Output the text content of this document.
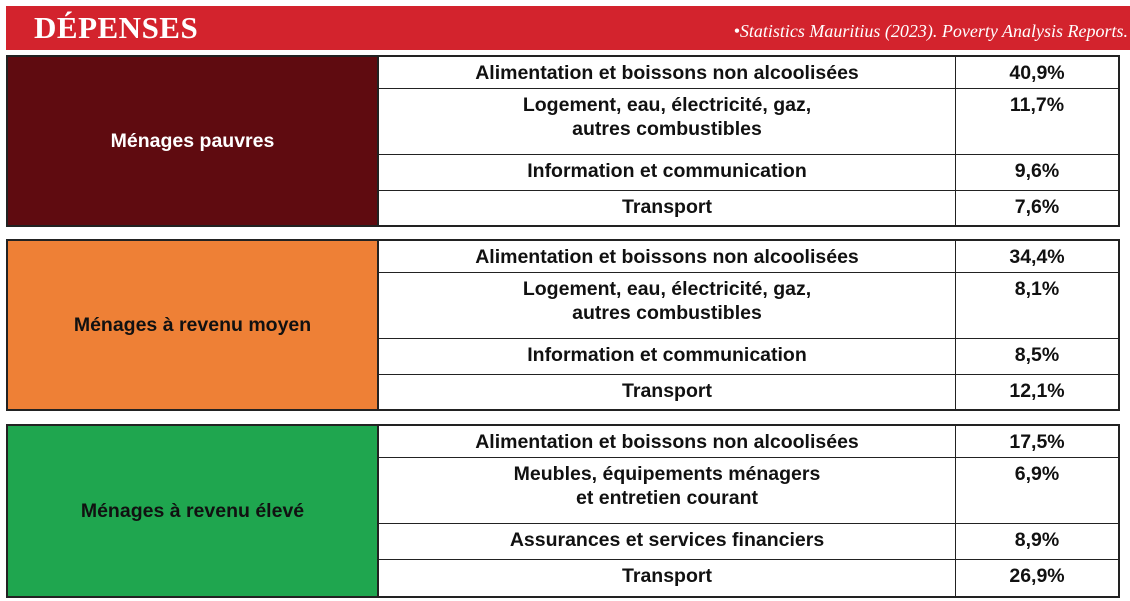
DÉPENSES	•Statistics Mauritius (2023). Poverty Analysis Reports.
Ménages pauvres
Alimentation et boissons non alcoolisées	40,9%
Logement, eau, électricité, gaz,
autres combustibles
11,7%
Information et communication	9,6%
Transport	7,6%
Ménages à revenu moyen
Alimentation et boissons non alcoolisées	34,4%
Logement, eau, électricité, gaz,
autres combustibles
8,1%
Information et communication	8,5%
Transport	12,1%
Ménages à revenu élevé
Alimentation et boissons non alcoolisées	17,5%
Meubles, équipements ménagers
et entretien courant
6,9%
Assurances et services financiers	8,9%
Transport	26,9%
